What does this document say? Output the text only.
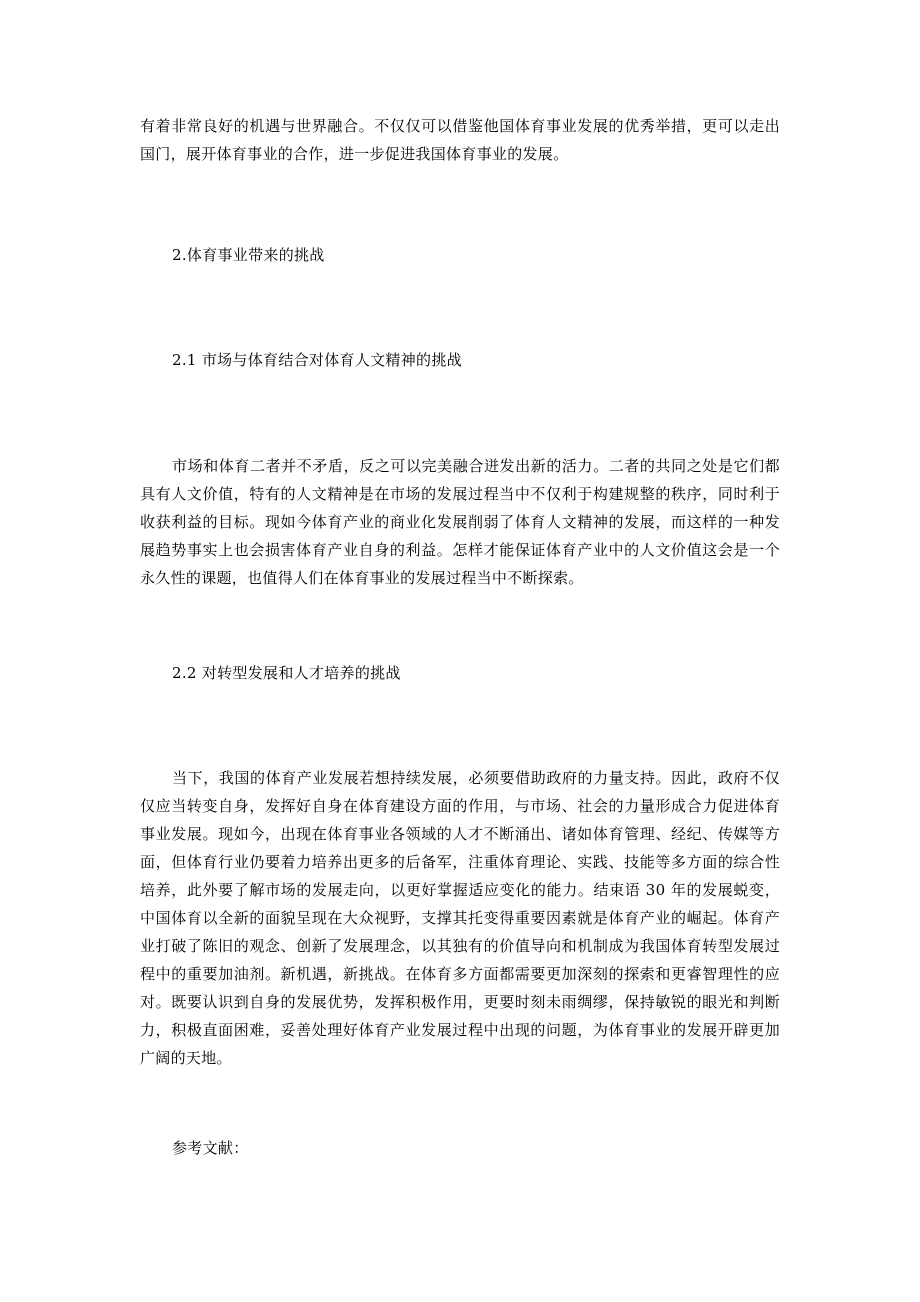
有着非常良好的机遇与世界融合。不仅仅可以借鉴他国体育事业发展的优秀举措，更可以走出国门，展开体育事业的合作，进一步促进我国体育事业的发展。

2.体育事业带来的挑战
2.1 市场与体育结合对体育人文精神的挑战

市场和体育二者并不矛盾，反之可以完美融合迸发出新的活力。二者的共同之处是它们都具有人文价值，特有的人文精神是在市场的发展过程当中不仅利于构建规整的秩序，同时利于收获利益的目标。现如今体育产业的商业化发展削弱了体育人文精神的发展，而这样的一种发展趋势事实上也会损害体育产业自身的利益。怎样才能保证体育产业中的人文价值这会是一个永久性的课题，也值得人们在体育事业的发展过程当中不断探索。

2.2 对转型发展和人才培养的挑战

当下，我国的体育产业发展若想持续发展，必须要借助政府的力量支持。因此，政府不仅仅应当转变自身，发挥好自身在体育建设方面的作用，与市场、社会的力量形成合力促进体育事业发展。现如今，出现在体育事业各领域的人才不断涌出、诸如体育管理、经纪、传媒等方面，但体育行业仍要着力培养出更多的后备军，注重体育理论、实践、技能等多方面的综合性培养，此外要了解市场的发展走向，以更好掌握适应变化的能力。结束语 30 年的发展蜕变，中国体育以全新的面貌呈现在大众视野，支撑其托变得重要因素就是体育产业的崛起。体育产业打破了陈旧的观念、创新了发展理念，以其独有的价值导向和机制成为我国体育转型发展过程中的重要加油剂。新机遇，新挑战。在体育多方面都需要更加深刻的探索和更睿智理性的应对。既要认识到自身的发展优势，发挥积极作用，更要时刻未雨绸缪，保持敏锐的眼光和判断力，积极直面困难，妥善处理好体育产业发展过程中出现的问题，为体育事业的发展开辟更加广阔的天地。

参考文献：
